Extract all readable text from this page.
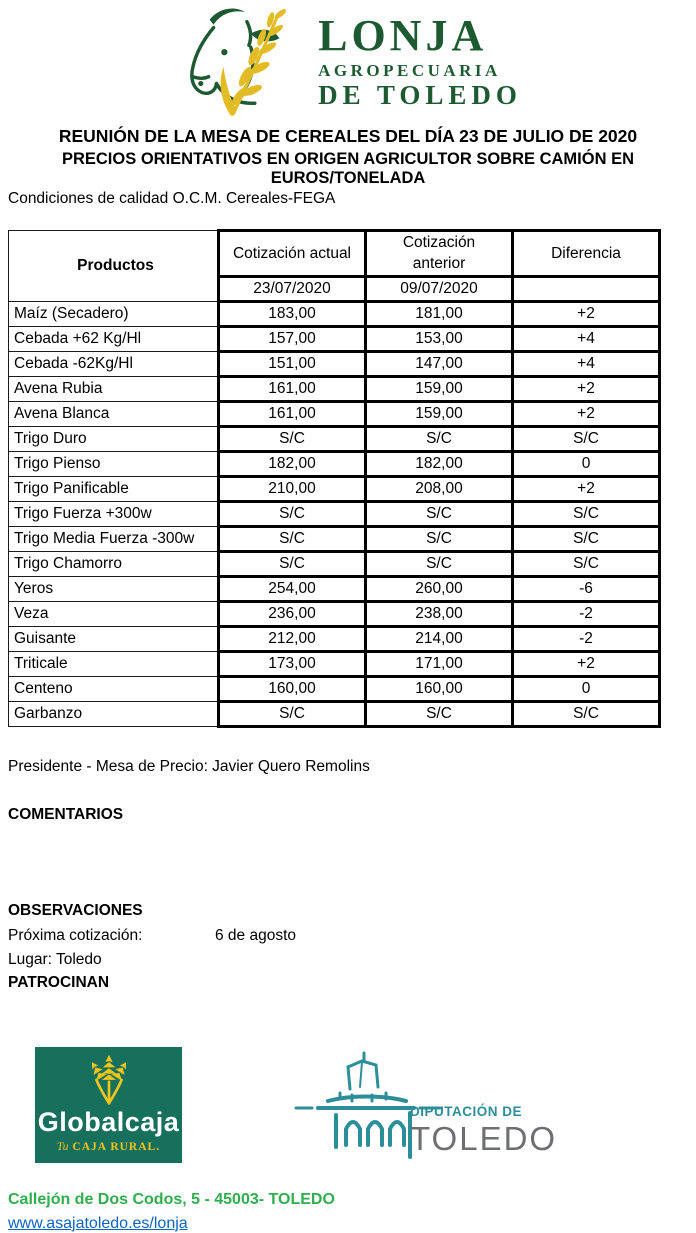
LONJA
AGROPECUARIA
DE TOLEDO
REUNIÓN DE LA MESA DE CEREALES DEL DÍA 23 DE JULIO DE 2020
PRECIOS ORIENTATIVOS EN ORIGEN AGRICULTOR SOBRE CAMIÓN EN EUROS/TONELADA
Condiciones de calidad O.C.M. Cereales-FEGA
Productos	Cotización actual	Cotización anterior	Diferencia
	23/07/2020	09/07/2020	
Maíz (Secadero)	183,00	181,00	+2
Cebada +62 Kg/Hl	157,00	153,00	+4
Cebada -62Kg/Hl	151,00	147,00	+4
Avena Rubia	161,00	159,00	+2
Avena Blanca	161,00	159,00	+2
Trigo Duro	S/C	S/C	S/C
Trigo Pienso	182,00	182,00	0
Trigo Panificable	210,00	208,00	+2
Trigo Fuerza +300w	S/C	S/C	S/C
Trigo Media Fuerza -300w	S/C	S/C	S/C
Trigo Chamorro	S/C	S/C	S/C
Yeros	254,00	260,00	-6
Veza	236,00	238,00	-2
Guisante	212,00	214,00	-2
Triticale	173,00	171,00	+2
Centeno	160,00	160,00	0
Garbanzo	S/C	S/C	S/C
Presidente - Mesa de Precio: Javier Quero Remolins
COMENTARIOS
OBSERVACIONES
Próxima cotización:	6 de agosto
Lugar: Toledo
PATROCINAN
Globalcaja
Tu CAJA RURAL.
DIPUTACIÓN DE
TOLEDO
Callejón de Dos Codos, 5 - 45003- TOLEDO
www.asajatoledo.es/lonja
